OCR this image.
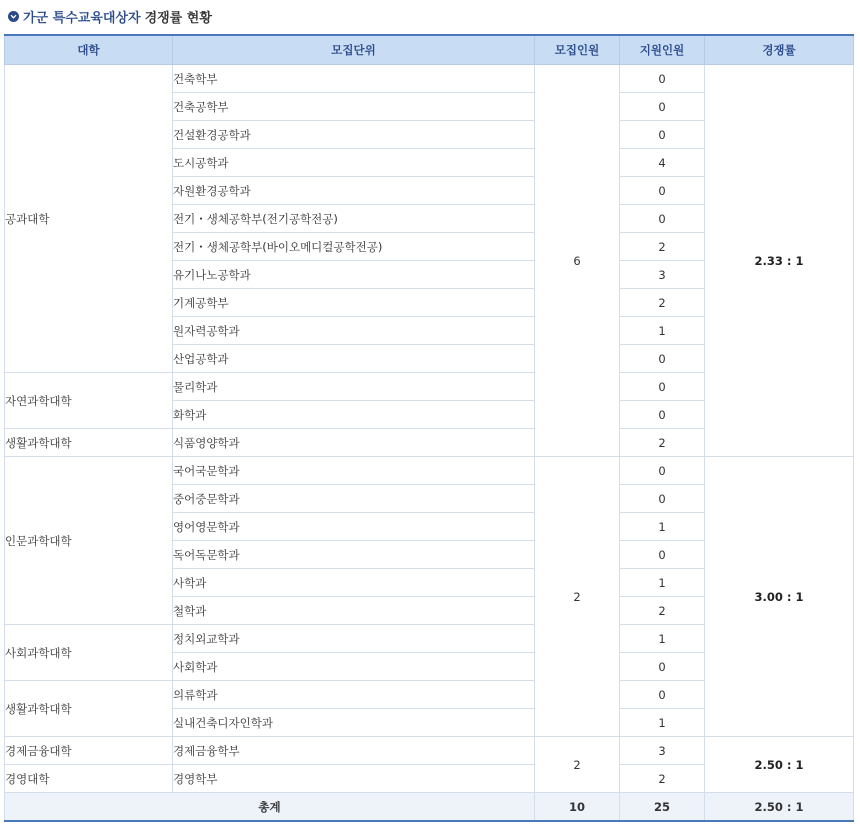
가군 특수교육대상자 경쟁률 현황
대학	모집단위	모집인원	지원인원	경쟁률
공과대학	건축학부	6	0	2.33 : 1
	건축공학부		0	
	건설환경공학과		0	
	도시공학과		4	
	자원환경공학과		0	
	전기・생체공학부(전기공학전공)		0	
	전기・생체공학부(바이오메디컬공학전공)		2	
	유기나노공학과		3	
	기계공학부		2	
	원자력공학과		1	
	산업공학과		0	
자연과학대학	물리학과		0	
	화학과		0	
생활과학대학	식품영양학과		2	
인문과학대학	국어국문학과	2	0	3.00 : 1
	중어중문학과		0	
	영어영문학과		1	
	독어독문학과		0	
	사학과		1	
	철학과		2	
사회과학대학	정치외교학과		1	
	사회학과		0	
생활과학대학	의류학과		0	
	실내건축디자인학과		1	
경제금융대학	경제금융학부	2	3	2.50 : 1
경영대학	경영학부		2	
총계		10	25	2.50 : 1
